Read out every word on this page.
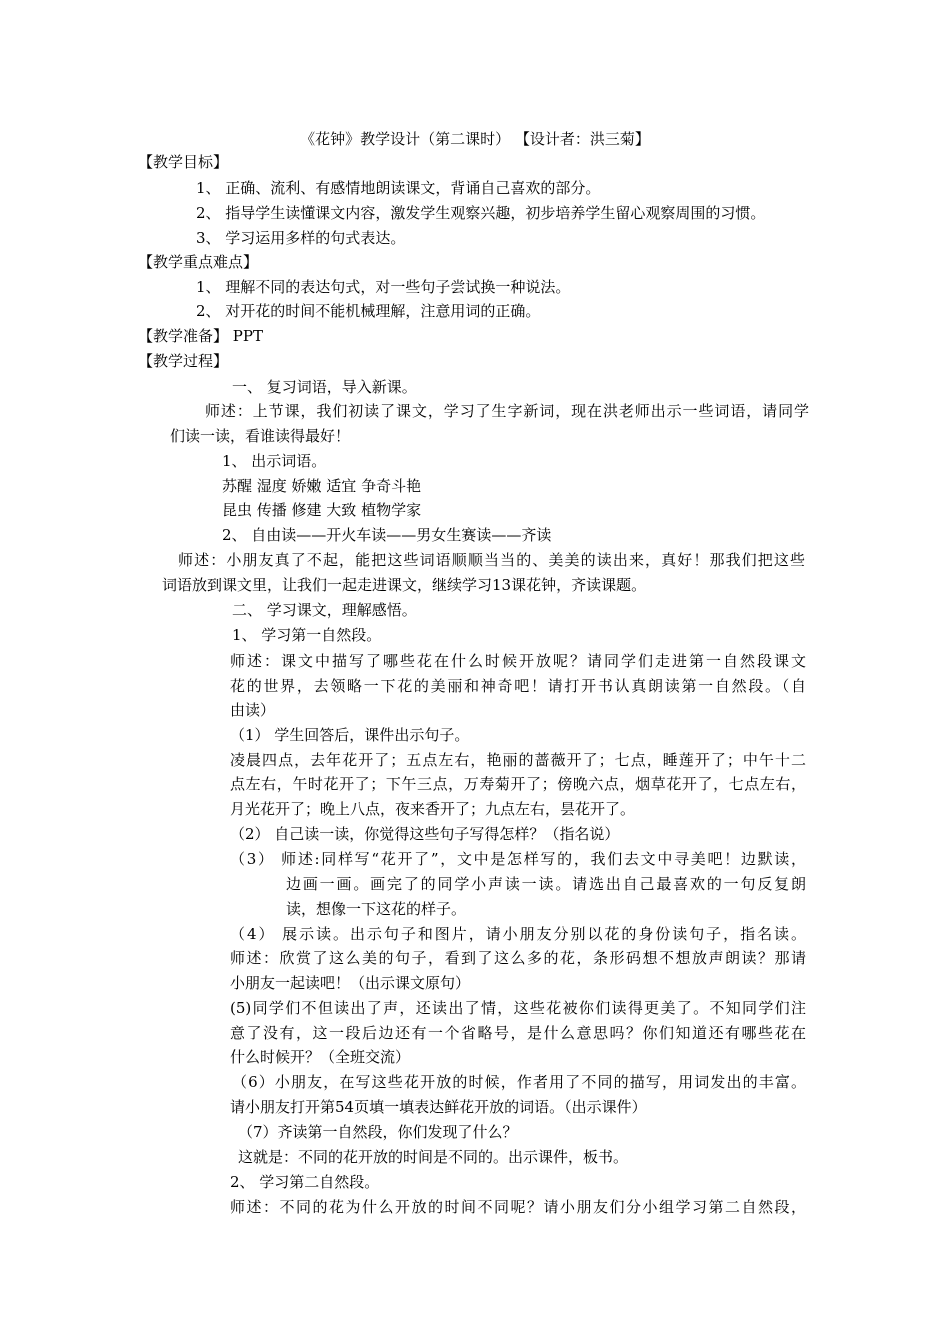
《花钟》教学设计（第二课时） 【设计者：洪三菊】
【教学目标】
1、 正确、流利、有感情地朗读课文，背诵自己喜欢的部分。
2、 指导学生读懂课文内容，激发学生观察兴趣，初步培养学生留心观察周围的习惯。
3、 学习运用多样的句式表达。
【教学重点难点】
1、 理解不同的表达句式，对一些句子尝试换一种说法。
2、 对开花的时间不能机械理解，注意用词的正确。
【教学准备】 PPT
【教学过程】
一、 复习词语，导入新课。
师述：上节课，我们初读了课文，学习了生字新词，现在洪老师出示一些词语，请同学
们读一读，看谁读得最好！
1、 出示词语。
苏醒 湿度 娇嫩 适宜 争奇斗艳
昆虫 传播 修建 大致 植物学家
2、 自由读——开火车读——男女生赛读——齐读
师述：小朋友真了不起，能把这些词语顺顺当当的、美美的读出来，真好！那我们把这些
词语放到课文里，让我们一起走进课文，继续学习13课花钟，齐读课题。
二、 学习课文，理解感悟。
1、 学习第一自然段。
师述：课文中描写了哪些花在什么时候开放呢？请同学们走进第一自然段课文
花的世界，去领略一下花的美丽和神奇吧！请打开书认真朗读第一自然段。（自
由读）
（1） 学生回答后，课件出示句子。
凌晨四点，去年花开了；五点左右，艳丽的蔷薇开了；七点，睡莲开了；中午十二
点左右，午时花开了；下午三点，万寿菊开了；傍晚六点，烟草花开了，七点左右，
月光花开了；晚上八点，夜来香开了；九点左右，昙花开了。
（2） 自己读一读，你觉得这些句子写得怎样？（指名说）
（3） 师述:同样写“花开了”，文中是怎样写的，我们去文中寻美吧！边默读，
边画一画。画完了的同学小声读一读。请选出自己最喜欢的一句反复朗
读，想像一下这花的样子。
（4） 展示读。出示句子和图片，请小朋友分别以花的身份读句子，指名读。
师述：欣赏了这么美的句子，看到了这么多的花，条形码想不想放声朗读？那请
小朋友一起读吧！（出示课文原句）
(5)同学们不但读出了声，还读出了情，这些花被你们读得更美了。不知同学们注
意了没有，这一段后边还有一个省略号，是什么意思吗？你们知道还有哪些花在
什么时候开？（全班交流）
（6）小朋友，在写这些花开放的时候，作者用了不同的描写，用词发出的丰富。
请小朋友打开第54页填一填表达鲜花开放的词语。（出示课件）
（7）齐读第一自然段，你们发现了什么？
这就是：不同的花开放的时间是不同的。出示课件，板书。
2、 学习第二自然段。
师述：不同的花为什么开放的时间不同呢？请小朋友们分小组学习第二自然段，
